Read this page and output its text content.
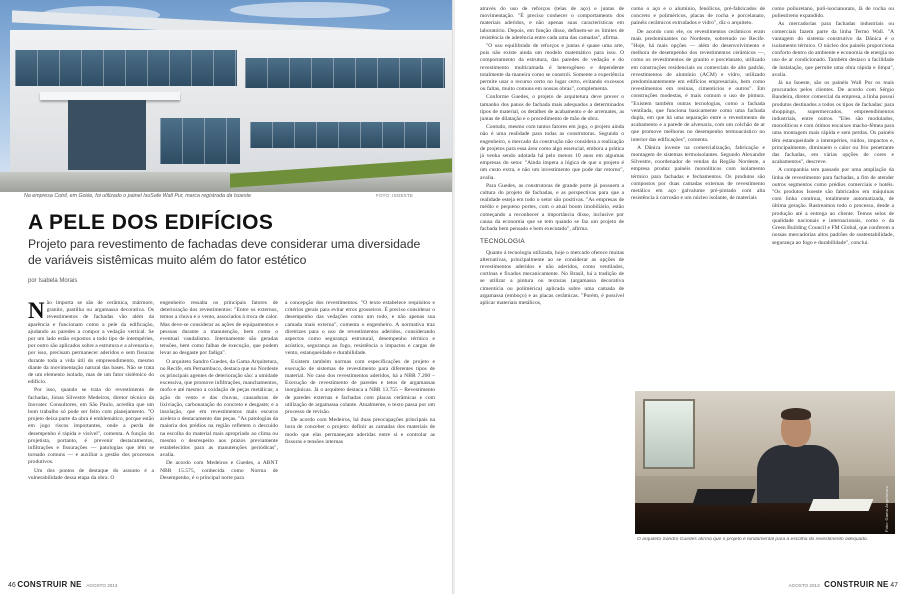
Na empresa Cotril, em Goiás, foi utilizado o painel IsoSafe Wall Pur, marca registrada da Isoeste	FOTO: ISOESTE
A PELE DOS EDIFÍCIOS
Projeto para revestimento de fachadas deve considerar uma diversidade de variáveis sistêmicas muito além do fator estético
por Isabela Morais

Não importa se são de cerâmica, mármore, granito, pastilha ou argamassa decorativa. Os revestimentos de fachadas vão além da aparência e funcionam como a pele da edificação, ajudando as paredes a compor a vedação vertical. Se por um lado estão expostos a todo tipo de intempéries, por outro são aplicados sobre a estrutura e a alvenaria e, por isso, precisam permanecer aderidos e sem fissuras durante toda a vida útil do empreendimento, mesmo diante da movimentação natural das bases. Não se trata de um elemento isolado, mas de um fator sistêmico do edifício.

Por isso, quando se trata do revestimento de fachadas, Jonas Silvestre Medeiros, diretor técnico da Inovatec Consultores, em São Paulo, acredita que um bom trabalho só pode ser feito com planejamento. "O projeto deixa parte da obra é emblemático, porque estão em jogo riscos importantes, onde a perda de desempenho é rápida e visível", comenta. A função do projetista, portanto, é prevenir destacamentos, infiltrações e fissurações — patologias que têm se tornado comuns — e auxiliar a gestão dos processos produtivos.

Um dos pontos de destaque do assunto é a vulnerabilidade dessa etapa da obra. O

engenheiro ressalta os principais fatores de deterioração dos revestimentos: "Entre os externos, temos a chuva e o vento, associados à troca de calor. Mas deve-se considerar as ações de equipamentos e pessoas durante a manutenção, bem como o eventual vandalismo. Internamente são geradas tensões, bem como falhas de execução, que podem levar ao desgaste por fadiga".

O arquiteto Sandro Guedes, da Gama Arquitetura, no Recife, em Pernambuco, destaca que no Nordeste os principais agentes de deterioração são: a umidade excessiva, que promove infiltrações, manchamentos, mofo e até mesmo a oxidação de peças metálicas; a ação do vento e das chuvas, causadoras de lixiviação, carbonatação do concreto e desgaste; e a insolação, que em revestimentos mais escuros acelera o destacamento das peças. "As patologias da maioria dos prédios na região refletem o descuido na escolha do material mais apropriado ao clima ou mesmo o desrespeito aos prazos previamente estabelecidos para as manutenções periódicas", avalia.

De acordo com Medeiros e Guedes, a ABNT NBR 15.575, conhecida como Norma de Desempenho, é o principal norte para

a concepção dos revestimentos. "O texto estabelece requisitos e critérios gerais para evitar erros grosseiros. É preciso considerar o desempenho das vedações como um todo, e não apenas sua camada mais externa", comenta o engenheiro. A normativa traz diretrizes para o uso de revestimentos aderidos, considerando aspectos como segurança estrutural, desempenho térmico e acústico, segurança ao fogo, resistência a impactos e cargas de vento, estanqueidade e durabilidade.

Existem também normas com especificações de projeto e execução de sistemas de revestimento para diferentes tipos de material. No caso dos revestimentos aderidos, há a NBR 7.200 – Execução de revestimento de paredes e tetos de argamassas inorgânicas. Já o arquiteto destaca a NBR 13.755 – Revestimento de paredes externas e fachadas com placas cerâmicas e com utilização de argamassa colante. Atualmente, o texto passa por um processo de revisão.

De acordo com Medeiros, há duas preocupações principais na hora de conceber o projeto: definir as camadas dos materiais de modo que elas permaneçam aderidas entre si e controlar as fissuras e tensões internas

46 CONSTRUIR NE AGOSTO 2013

através do uso de reforços (telas de aço) e juntas de movimentação. "É preciso conhecer o comportamento dos materiais aderidos, e não apenas suas características em laboratório. Depois, em função disso, definem-se os limites de resistência de aderência entre cada uma das camadas", afirma.

"O uso equilibrado de reforços e juntas é quase uma arte, pois não existe ainda um modelo matemático para isso. O comportamento da estrutura, das paredes de vedação e do revestimento multicamada é heterogêneo e dependente totalmente da maneira como se constrói. Somente a experiência permite usar o recurso certo no lugar certo, evitando excessos ou faltas, muito comuns em nossas obras", complementa.

Conforme Guedes, o projeto de arquitetura deve prever o tamanho dos panos de fachada mais adequados a determinados tipos de material, os detalhes de acabamento e de arremates, as juntas de dilatação e o procedimento de mão de obra.

Contudo, mesmo com tantos fatores em jogo, o projeto ainda não é uma realidade para todas as construtoras. Segundo o engenheiro, o mercado da construção não considera a realização de projetos para essa área como algo essencial, embora a prática já venha sendo adotada há pelo menos 10 anos em algumas empresas do setor. "Ainda impera a lógica de que o projeto é um custo extra, e não um investimento que pode dar retorno", avalia.

Para Guedes, as construtoras de grande porte já possuem a cultura do projeto de fachadas, e as perspectivas para que a realidade esteja em todo o setor são positivas. "As empresas de médio e pequeno portes, com o atual boom imobiliário, estão começando a reconhecer a importância disso, inclusive por causa da economia que se tem quando se faz um projeto de fachada bem pensado e bem executado", afirma.

TECNOLOGIA

Quanto à tecnologia utilizada, hoje o mercado oferece muitas alternativas, principalmente ao se considerar as opções de revestimentos aderidos e não aderidos, como ventilados, cortinas e fixados mecanicamente. No Brasil, há a tradição de se utilizar a pintura ou texturas (argamassa decorativa cimentícia ou polimérica) aplicada sobre uma camada de argamassa (emboço) e as placas cerâmicas. "Porém, é possível aplicar materiais metálicos,

como o aço e o alumínio, fenólicos, pré-fabricados de concreto e poliméricos, placas de rocha e porcelanato, painéis cerâmicos extrudados e vidro", diz o arquiteto.

De acordo com ele, os revestimentos cerâmicos eram mais predominantes no Nordeste, sobretudo no Recife. "Hoje, há mais opções — além do desenvolvimento e melhora de desempenho dos revestimentos cerâmicos —, como os revestimentos de granito e porcelanato, utilizado em construções residenciais ou comerciais de alto padrão, revestimentos de alumínio (ACM) e vidro, utilizado predominantemente em edifícios empresariais, bem como revestimentos em resinas, cimentícios e outros". Em construções modestas, é mais comum o uso de pintura. "Existem também outras tecnologias, como a fachada ventilada, que funciona basicamente como uma fachada dupla, em que há uma separação entre o revestimento de acabamento e a parede de alvenaria, com um colchão de ar que promove melhoras no desempenho termoacústico no interior das edificações", comenta.

A Dânica investe na comercialização, fabricação e montagem de sistemas termoisolantes. Segundo Alexandre Silvestre, coordenador de vendas da Região Nordeste, a empresa produz painéis monolíticos com isolamento térmico para fachadas e fechamentos. Os produtos são compostos por duas camadas externas de revestimento metálico em aço galvalume pré-pintado com alta resistência à corrosão e um núcleo isolante, de materiais

como poliuretano, poli-isocianurato, lã de rocha ou poliestireno expandido.

As mercadorias para fachadas industriais ou comerciais fazem parte da linha Termo Wall. "A vantagem do sistema construtivo da Dânica é o isolamento térmico. O núcleo dos painéis proporciona conforto dentro do ambiente e economia de energia no uso de ar condicionado. Também destaco a facilidade de instalação, que permite uma obra rápida e limpa", avalia.

Já na Isoeste, são os painéis Wall Pur os mais procurados pelos clientes. De acordo com Sérgio Bandeira, diretor comercial da empresa, a linha possui produtos destinados a todos os tipos de fachadas: para shoppings, supermercados, empreendimentos industriais, entre outros. "Eles são modulados, monolíticos e com ótimos encaixes macho-fêmea para uma montagem mais rápida e sem perdas. Os painéis têm estanqueidade a intempéries, ruídos, impactos e, principalmente, diminuem o calor ou frio penetrante das fachadas, em várias opções de cores e acabamentos", descreve.

A companhia tem passado por uma ampliação da linha de revestimento para fachadas, a fim de atender outros segmentos como prédios comerciais e hotéis. "Os produtos Isoeste são fabricados em máquinas com linha contínua, totalmente automatizada, de última geração. Rastreamos todo o processo, desde a produção até a entrega ao cliente. Temos selos de qualidade nacionais e internacionais, como o da Green Building Council e FM Global, que conferem a nossas mercadorias altos padrões de sustentabilidade, segurança ao fogo e durabilidade", conclui.

Foto: Gama Arquitetura
O arquiteto Sandro Guedes afirma que o projeto é fundamental para a escolha do revestimento adequado.
AGOSTO 2013 CONSTRUIR NE 47
